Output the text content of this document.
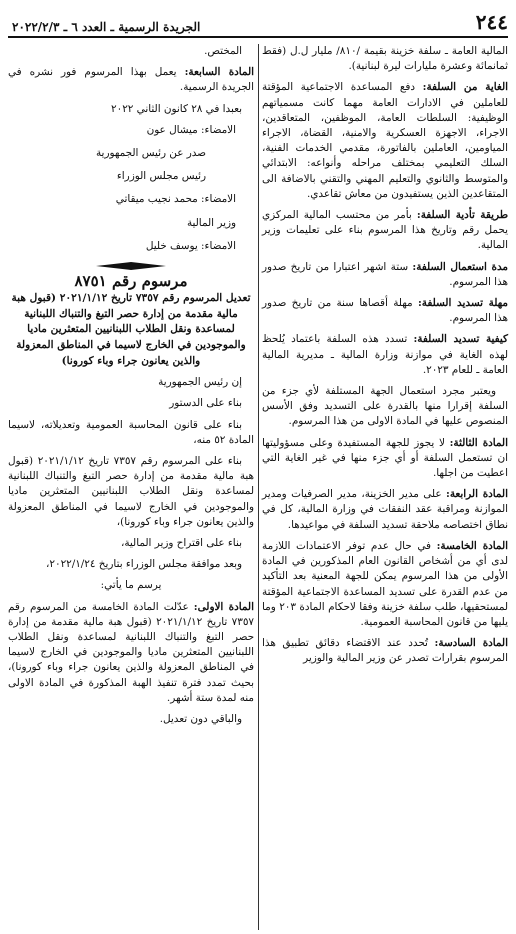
٢٤٤
الجريدة الرسمية ـ العدد ٦ ـ ٢٠٢٢/٢/٣

المالية العامة ـ سلفة خزينة بقيمة /٨١٠/ مليار ل.ل (فقط ثمانمائة وعشرة مليارات ليرة لبنانية).

الغاية من السلفة: دفع المساعدة الاجتماعية المؤقتة للعاملين في الادارات العامة مهما كانت مسمياتهم الوظيفية: السلطات العامة، الموظفين، المتعاقدين، الاجراء، الاجهزة العسكرية والامنية، القضاة، الاجراء المياومين، العاملين بالفاتورة، مقدمي الخدمات الفنية، السلك التعليمي بمختلف مراحله وأنواعه: الابتدائي والمتوسط والثانوي والتعليم المهني والتقني بالاضافة الى المتقاعدين الذين يستفيدون من معاش تقاعدي.

طريقة تأدية السلفة: بأمر من محتسب المالية المركزي يحمل رقم وتاريخ هذا المرسوم بناء على تعليمات وزير المالية.

مدة استعمال السلفة: ستة اشهر اعتبارا من تاريخ صدور هذا المرسوم.

مهلة تسديد السلفة: مهلة أقصاها سنة من تاريخ صدور هذا المرسوم.

كيفية تسديد السلفة: تسدد هذه السلفة باعتماد يُلحظ لهذه الغاية في موازنة وزارة المالية ـ مديرية المالية العامة ـ للعام ٢٠٢٣.

ويعتبر مجرد استعمال الجهة المستلفة لأي جزء من السلفة إقرارا منها بالقدرة على التسديد وفق الأسس المنصوص عليها في المادة الاولى من هذا المرسوم.

المادة الثالثة: لا يجوز للجهة المستفيدة وعلى مسؤوليتها ان تستعمل السلفة أو أي جزء منها في غير الغاية التي اعطيت من اجلها.

المادة الرابعة: على مدير الخزينة، مدير الصرفيات ومدير الموازنة ومراقبة عقد النفقات في وزارة المالية، كل في نطاق اختصاصه ملاحقة تسديد السلفة في مواعيدها.

المادة الخامسة: في حال عدم توفر الاعتمادات اللازمة لدى أي من أشخاص القانون العام المذكورين في المادة الأولى من هذا المرسوم يمكن للجهة المعنية بعد التأكيد من عدم القدرة على تسديد المساعدة الاجتماعية المؤقتة لمستحقيها، طلب سلفة خزينة وفقا لاحكام المادة ٢٠٣ وما يليها من قانون المحاسبة العمومية.

المادة السادسة: تُحدد عند الاقتضاء دقائق تطبيق هذا المرسوم بقرارات تصدر عن وزير المالية والوزير

المختص.

المادة السابعة: يعمل بهذا المرسوم فور نشره في الجريدة الرسمية.

بعبدا في ٢٨ كانون الثاني ٢٠٢٢

الامضاء: ميشال عون

صدر عن رئيس الجمهورية

رئيس مجلس الوزراء

الامضاء: محمد نجيب ميقاتي

وزير المالية

الامضاء: يوسف خليل

مرسوم رقم ٨٧٥١
تعديل المرسوم رقم ٧٣٥٧ تاريخ ٢٠٢١/١/١٢ (قبول هبة مالية مقدمة من إدارة حصر التبغ والتنباك اللبنانية لمساعدة ونقل الطلاب اللبنانيين المتعثرين ماديا والموجودين في الخارج لاسيما في المناطق المعزولة والذين يعانون جراء وباء كورونا)

إن رئيس الجمهورية

بناء على الدستور

بناء على قانون المحاسبة العمومية وتعديلاته، لاسيما المادة ٥٢ منه،

بناء على المرسوم رقم ٧٣٥٧ تاريخ ٢٠٢١/١/١٢ (قبول هبة مالية مقدمة من إدارة حصر التبغ والتنباك اللبنانية لمساعدة ونقل الطلاب اللبنانيين المتعثرين ماديا والموجودين في الخارج لاسيما في المناطق المعزولة والذين يعانون جراء وباء كورونا)،

بناء على اقتراح وزير المالية،

وبعد موافقة مجلس الوزراء بتاريخ ٢٠٢٢/١/٢٤،

يرسم ما يأتي:

المادة الاولى: عدّلت المادة الخامسة من المرسوم رقم ٧٣٥٧ تاريخ ٢٠٢١/١/١٢ (قبول هبة مالية مقدمة من إدارة حصر التبغ والتنباك اللبنانية لمساعدة ونقل الطلاب اللبنانيين المتعثرين ماديا والموجودين في الخارج لاسيما في المناطق المعزولة والذين يعانون جراء وباء كورونا)، بحيث تمدد فترة تنفيذ الهبة المذكورة في المادة الاولى منه لمدة ستة أشهر.

والباقي دون تعديل.
